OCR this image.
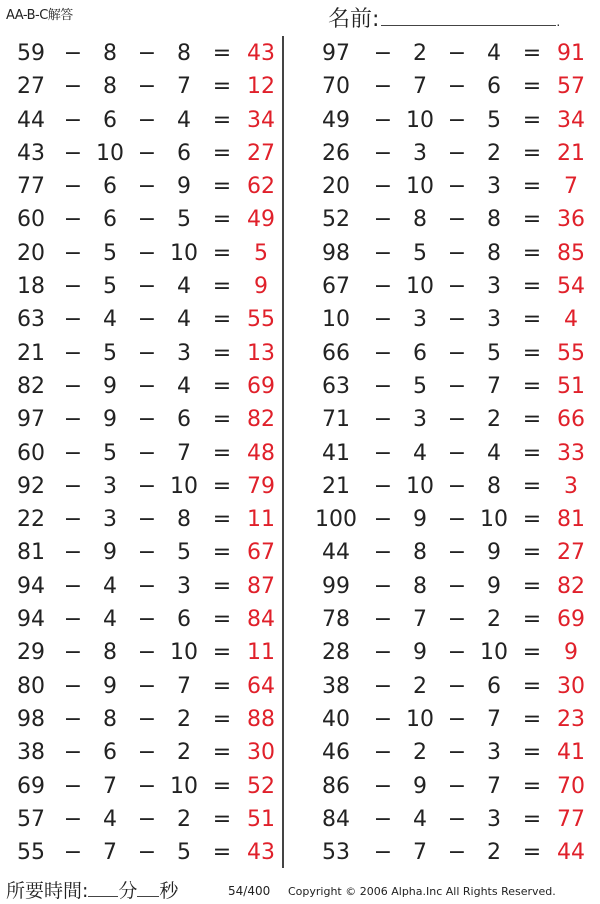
AA-B-C解答	名前:	.
59 − 8 − 8 = 43
27 − 8 − 7 = 12
44 − 6 − 4 = 34
43 − 10 − 6 = 27
77 − 6 − 9 = 62
60 − 6 − 5 = 49
20 − 5 − 10 =	5
18 − 5 − 4 =	9
63 − 4 − 4 = 55
21 − 5 − 3 = 13
82 − 9 − 4 = 69
97 − 9 − 6 = 82
60 − 5 − 7 = 48
92 − 3 − 10 = 79
22 − 3 − 8 = 11
81 − 9 − 5 = 67
94 − 4 − 3 = 87
94 − 4 − 6 = 84
29 − 8 − 10 = 11
80 − 9 − 7 = 64
98 − 8 − 2 = 88
38 − 6 − 2 = 30
69 − 7 − 10 = 52
57 − 4 − 2 = 51
55 − 7 − 5 = 43
97	− 2 − 4 = 91
70	− 7 − 6 = 57
49	− 10 − 5 = 34
26	− 3 − 2 = 21
20	− 10 − 3 =	7
52	− 8 − 8 = 36
98	− 5 − 8 = 85
67	− 10 − 3 = 54
10	− 3 − 3 =	4
66	− 6 − 5 = 55
63	− 5 − 7 = 51
71	− 3 − 2 = 66
41	− 4 − 4 = 33
21	− 10 − 8 =	3
100 − 9 − 10 = 81
44	− 8 − 9 = 27
99	− 8 − 9 = 82
78	− 7 − 2 = 69
28	− 9 − 10 =	9
38	− 2 − 6 = 30
40	− 10 − 7 = 23
46	− 2 − 3 = 41
86	− 9 − 7 = 70
84	− 4 − 3 = 77
53	− 7 − 2 = 44
所要時間: 分 秒	54/400 Copyright © 2006 Alpha.Inc All Rights Reserved.
